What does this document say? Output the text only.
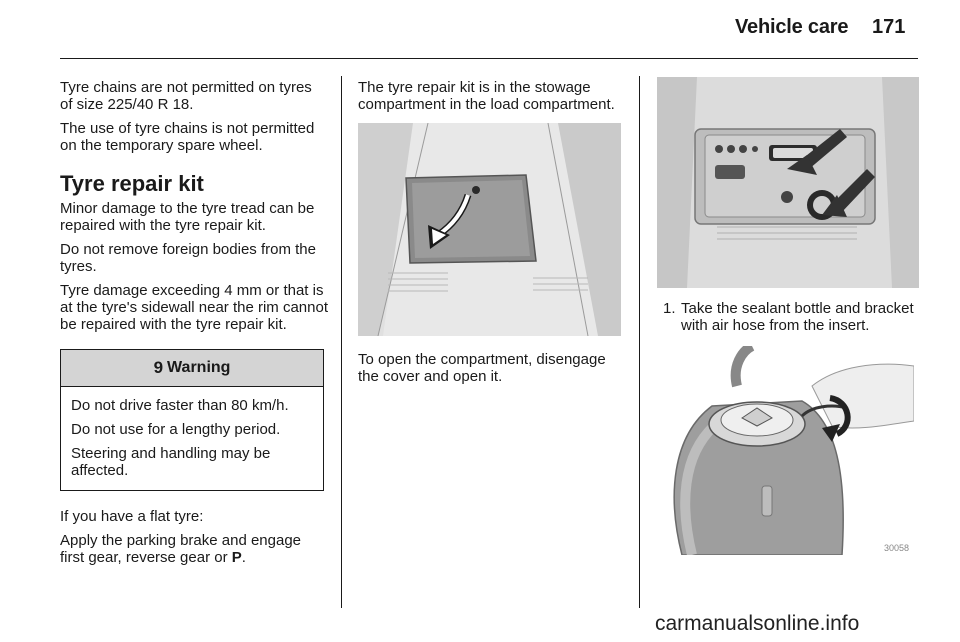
Vehicle care 171

Tyre chains are not permitted on tyres of size 225/40 R 18.

The use of tyre chains is not permitted on the temporary spare wheel.

Tyre repair kit

Minor damage to the tyre tread can be repaired with the tyre repair kit.

Do not remove foreign bodies from the tyres.

Tyre damage exceeding 4 mm or that is at the tyre's sidewall near the rim cannot be repaired with the tyre repair kit.

9 Warning

Do not drive faster than 80 km/h.

Do not use for a lengthy period.

Steering and handling may be affected.

If you have a flat tyre:

Apply the parking brake and engage first gear, reverse gear or P.

The tyre repair kit is in the stowage compartment in the load compartment.

To open the compartment, disengage the cover and open it.

1. Take the sealant bottle and bracket with air hose from the insert.
30058
carmanualsonline.info
